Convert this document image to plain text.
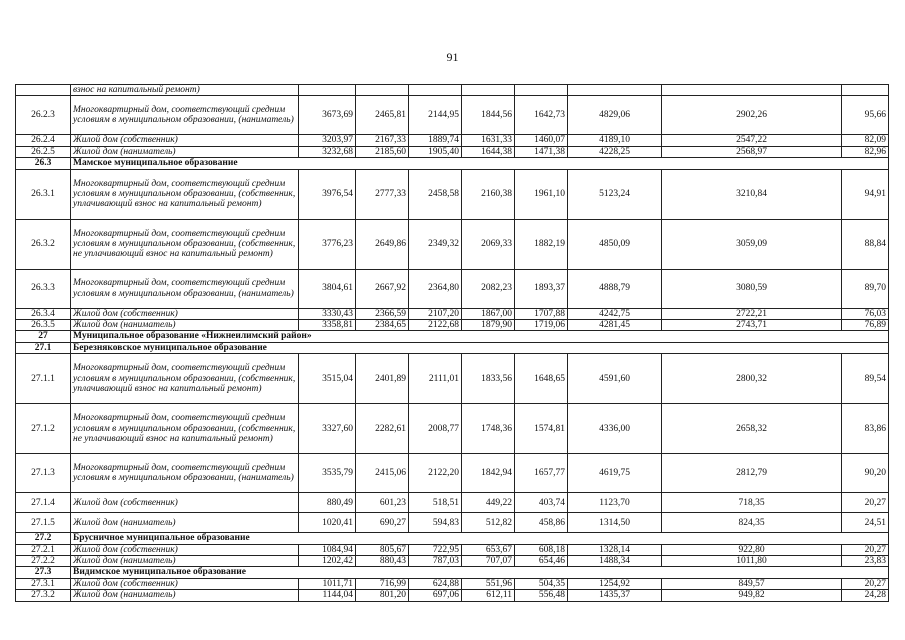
91
	взнос на капитальный ремонт)								
26.2.3	Многоквартирный дом, соответствующий средним условиям в муниципальном образовании, (наниматель)	3673,69	2465,81	2144,95	1844,56	1642,73	4829,06	2902,26	95,66
26.2.4	Жилой дом (собственник)	3203,97	2167,33	1889,74	1631,33	1460,07	4189,10	2547,22	82,09
26.2.5	Жилой дом (наниматель)	3232,68	2185,60	1905,40	1644,38	1471,38	4228,25	2568,97	82,96
26.3	Мамское муниципальное образование								
26.3.1	Многоквартирный дом, соответствующий средним условиям в муниципальном образовании, (собственник, уплачивающий взнос на капитальный ремонт)	3976,54	2777,33	2458,58	2160,38	1961,10	5123,24	3210,84	94,91
26.3.2	Многоквартирный дом, соответствующий средним условиям в муниципальном образовании, (собственник, не уплачивающий взнос на капитальный ремонт)	3776,23	2649,86	2349,32	2069,33	1882,19	4850,09	3059,09	88,84
26.3.3	Многоквартирный дом, соответствующий средним условиям в муниципальном образовании, (наниматель)	3804,61	2667,92	2364,80	2082,23	1893,37	4888,79	3080,59	89,70
26.3.4	Жилой дом (собственник)	3330,43	2366,59	2107,20	1867,00	1707,88	4242,75	2722,21	76,03
26.3.5	Жилой дом (наниматель)	3358,81	2384,65	2122,68	1879,90	1719,06	4281,45	2743,71	76,89
27	Муниципальное образование «Нижнеилимский район»								
27.1	Березняковское муниципальное образование								
27.1.1	Многоквартирный дом, соответствующий средним условиям в муниципальном образовании, (собственник, уплачивающий взнос на капитальный ремонт)	3515,04	2401,89	2111,01	1833,56	1648,65	4591,60	2800,32	89,54
27.1.2	Многоквартирный дом, соответствующий средним условиям в муниципальном образовании, (собственник, не уплачивающий взнос на капитальный ремонт)	3327,60	2282,61	2008,77	1748,36	1574,81	4336,00	2658,32	83,86
27.1.3	Многоквартирный дом, соответствующий средним условиям в муниципальном образовании, (наниматель)	3535,79	2415,06	2122,20	1842,94	1657,77	4619,75	2812,79	90,20
27.1.4	Жилой дом (собственник)	880,49	601,23	518,51	449,22	403,74	1123,70	718,35	20,27
27.1.5	Жилой дом (наниматель)	1020,41	690,27	594,83	512,82	458,86	1314,50	824,35	24,51
27.2	Брусничное муниципальное образование								
27.2.1	Жилой дом (собственник)	1084,94	805,67	722,95	653,67	608,18	1328,14	922,80	20,27
27.2.2	Жилой дом (наниматель)	1202,42	880,43	787,03	707,07	654,46	1488,34	1011,80	23,83
27.3	Видимское муниципальное образование								
27.3.1	Жилой дом (собственник)	1011,71	716,99	624,88	551,96	504,35	1254,92	849,57	20,27
27.3.2	Жилой дом (наниматель)	1144,04	801,20	697,06	612,11	556,48	1435,37	949,82	24,28
